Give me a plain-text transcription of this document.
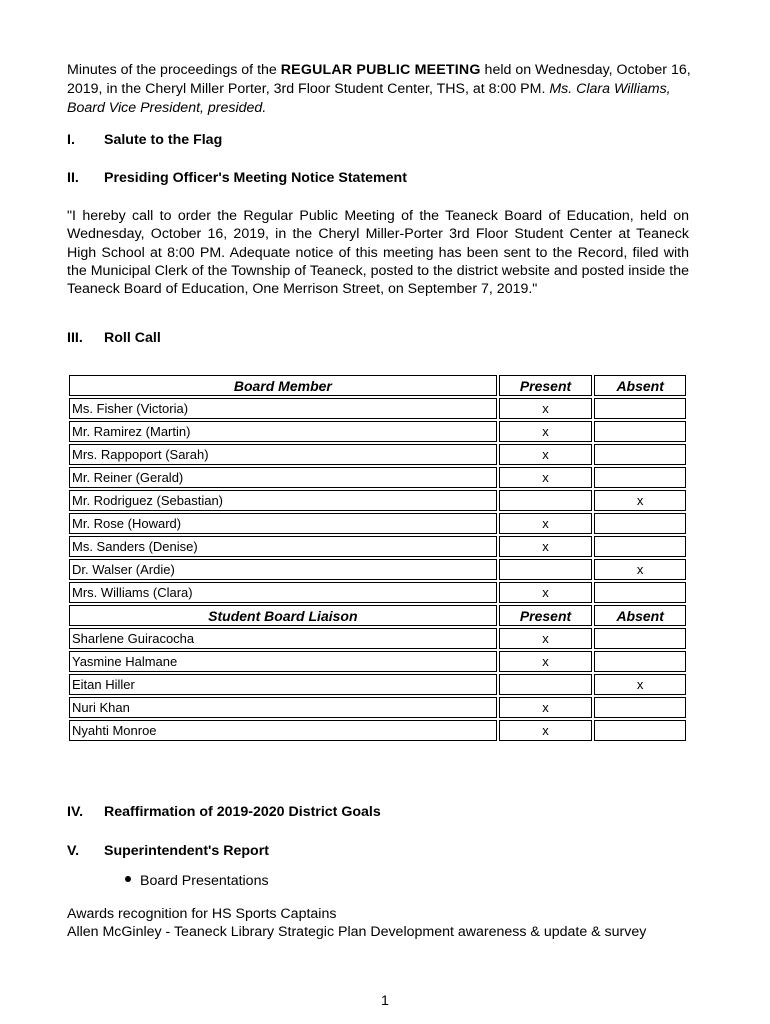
Minutes of the proceedings of the REGULAR PUBLIC MEETING held on Wednesday, October 16, 2019, in the Cheryl Miller Porter, 3rd Floor Student Center, THS, at 8:00 PM. Ms. Clara Williams, Board Vice President, presided.
I. Salute to the Flag
II. Presiding Officer's Meeting Notice Statement
"I hereby call to order the Regular Public Meeting of the Teaneck Board of Education, held on Wednesday, October 16, 2019, in the Cheryl Miller-Porter 3rd Floor Student Center at Teaneck High School at 8:00 PM. Adequate notice of this meeting has been sent to the Record, filed with the Municipal Clerk of the Township of Teaneck, posted to the district website and posted inside the Teaneck Board of Education, One Merrison Street, on September 7, 2019."
III. Roll Call
Board Member	Present	Absent
Ms. Fisher (Victoria)	x	
Mr. Ramirez (Martin)	x	
Mrs. Rappoport (Sarah)	x	
Mr. Reiner (Gerald)	x	
Mr. Rodriguez (Sebastian)		x
Mr. Rose (Howard)	x	
Ms. Sanders (Denise)	x	
Dr. Walser (Ardie)		x
Mrs. Williams (Clara)	x	
Student Board Liaison	Present	Absent
Sharlene Guiracocha	x	
Yasmine Halmane	x	
Eitan Hiller		x
Nuri Khan	x	
Nyahti Monroe	x	
IV. Reaffirmation of 2019-2020 District Goals
V. Superintendent's Report
Board Presentations
Awards recognition for HS Sports Captains
Allen McGinley - Teaneck Library Strategic Plan Development awareness & update & survey
1
